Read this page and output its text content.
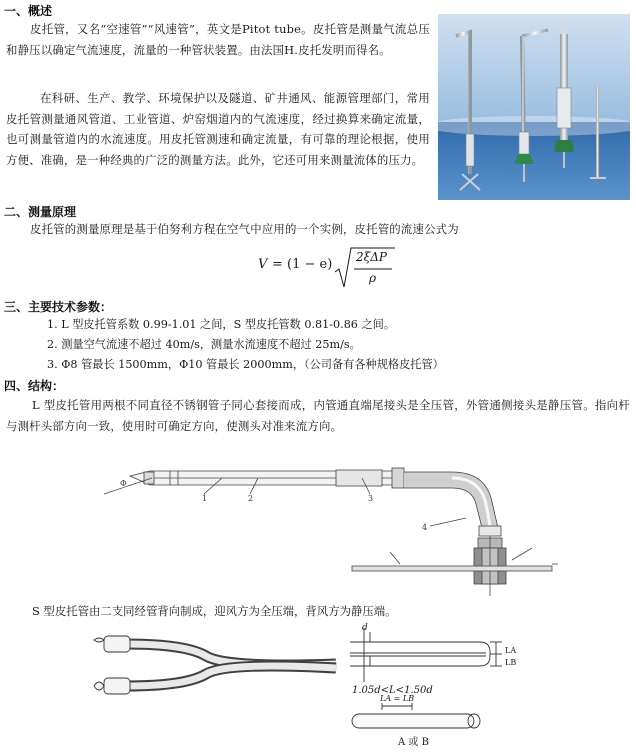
一、概述
皮托管，又名“空速管”“风速管”，英文是Pitot tube。皮托管是测量气流总压和静压以确定气流速度，流量的一种管状装置。由法国H.皮托发明而得名。
在科研、生产、教学、环境保护以及隧道、矿井通风、能源管理部门，常用皮托管测量通风管道、工业管道、炉窑烟道内的气流速度，经过换算来确定流量，也可测量管道内的水流速度。用皮托管测速和确定流量，有可靠的理论根据，使用方便、准确，是一种经典的广泛的测量方法。此外，它还可用来测量流体的压力。
二、测量原理
皮托管的测量原理是基于伯努利方程在空气中应用的一个实例，皮托管的流速公式为
V = (1 − e) 2ξΔP
ρ
三、主要技术参数：
1. L 型皮托管系数 0.99-1.01 之间，S 型皮托管数 0.81-0.86 之间。
2. 测量空气流速不超过 40m/s，测量水流速度不超过 25m/s。
3. Φ8 管最长 1500mm，Φ10 管最长 2000mm，（公司备有各种规格皮托管）
四、结构：
L 型皮托管用两根不同直径不锈钢管子同心套接而成，内管通直端尾接头是全压管，外管通侧接头是静压管。指向杆与测杆头部方向一致，使用时可确定方向，使测头对准来流方向。
Φ
1	2	3
4
S 型皮托管由二支同经管背向制成，迎风方为全压端，背风方为静压端。
d
LA
LB
1.05d<L<1.50d
LA = LB
A 或 B
